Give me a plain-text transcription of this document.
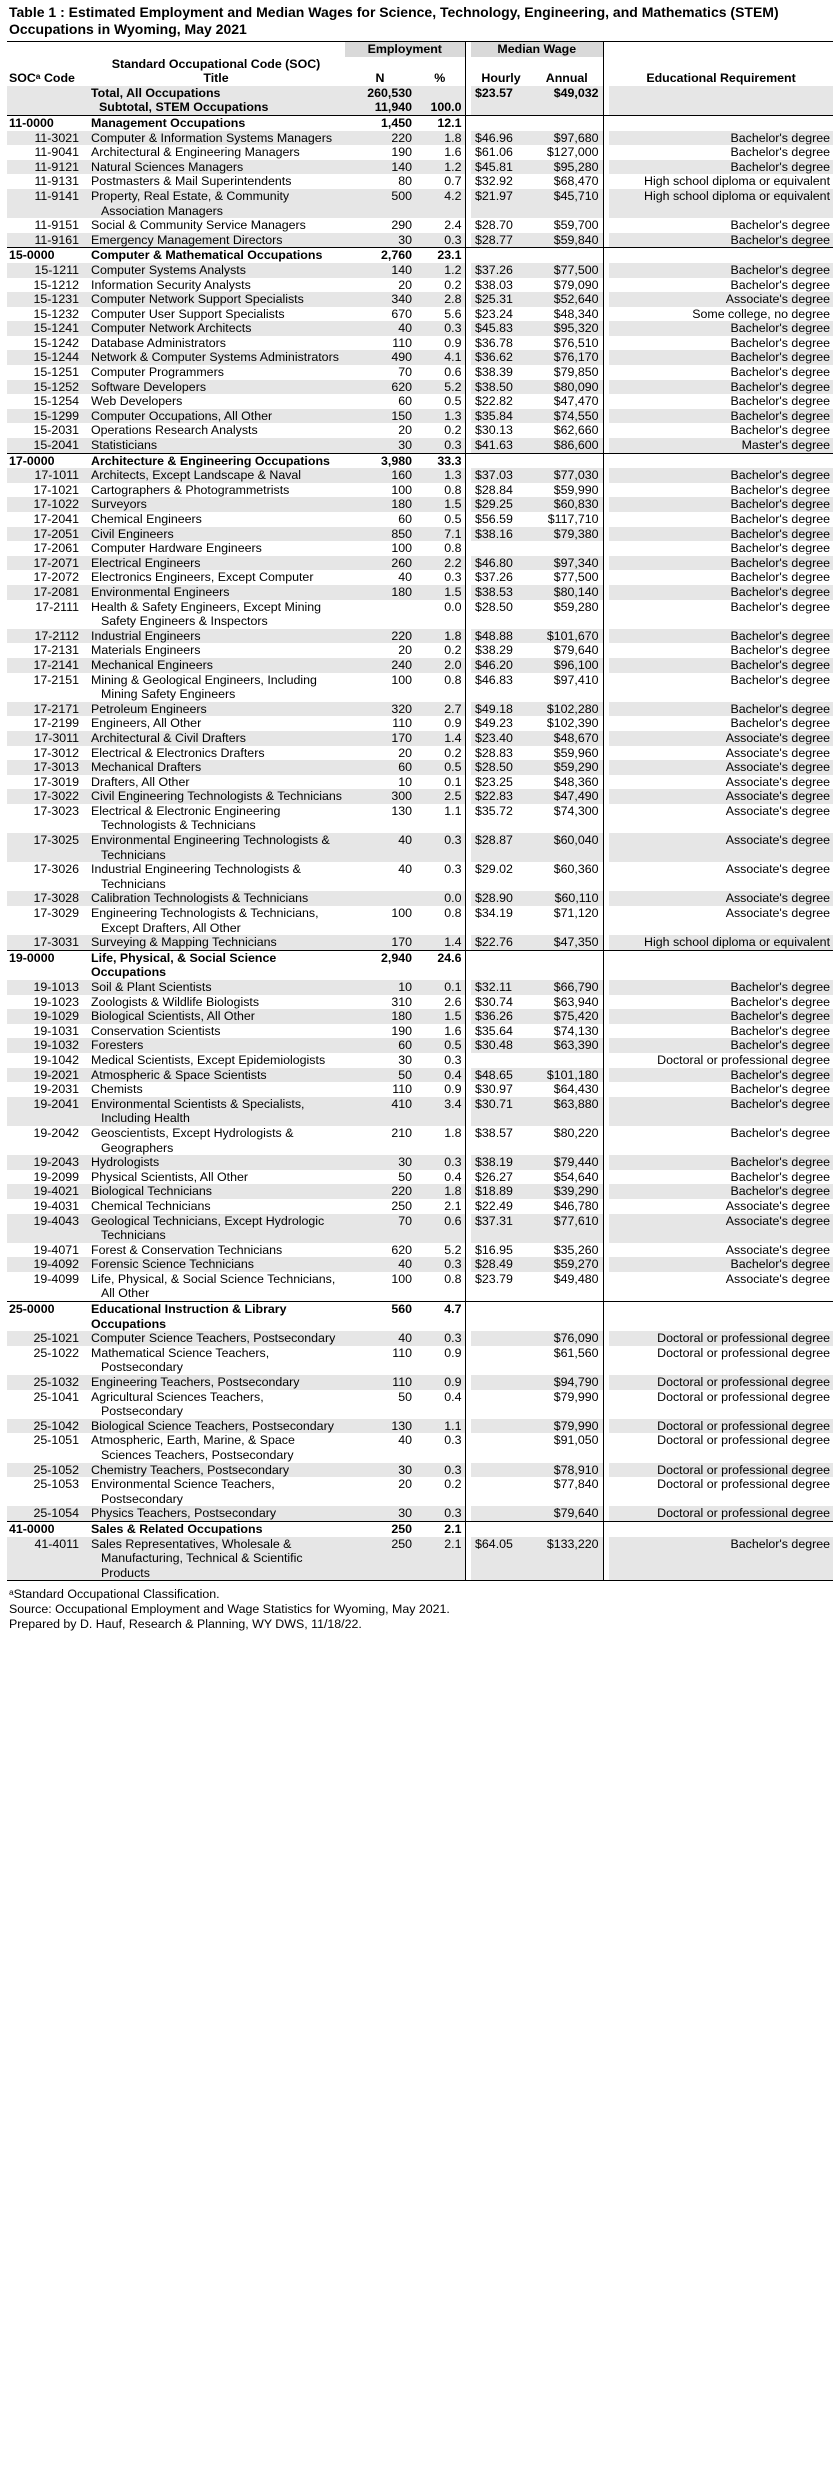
Table 1 : Estimated Employment and Median Wages for Science, Technology, Engineering, and Mathematics (STEM) Occupations in Wyoming, May 2021
		Employment			Median Wage			
SOCᵃ Code	Standard Occupational Code (SOC)
Title	N	%		Hourly	Annual		Educational Requirement
	Total, All Occupations	260,530			$23.57	$49,032		
	Subtotal, STEM Occupations	11,940	100.0					
11-0000	Management Occupations	1,450	12.1					
11-3021	Computer & Information Systems Managers	220	1.8		$46.96	$97,680		Bachelor's degree
11-9041	Architectural & Engineering Managers	190	1.6		$61.06	$127,000		Bachelor's degree
11-9121	Natural Sciences Managers	140	1.2		$45.81	$95,280		Bachelor's degree
11-9131	Postmasters & Mail Superintendents	80	0.7		$32.92	$68,470		High school diploma or equivalent
11-9141	Property, Real Estate, & Community Association Managers	500	4.2		$21.97	$45,710		High school diploma or equivalent
11-9151	Social & Community Service Managers	290	2.4		$28.70	$59,700		Bachelor's degree
11-9161	Emergency Management Directors	30	0.3		$28.77	$59,840		Bachelor's degree
15-0000	Computer & Mathematical Occupations	2,760	23.1					
15-1211	Computer Systems Analysts	140	1.2		$37.26	$77,500		Bachelor's degree
15-1212	Information Security Analysts	20	0.2		$38.03	$79,090		Bachelor's degree
15-1231	Computer Network Support Specialists	340	2.8		$25.31	$52,640		Associate's degree
15-1232	Computer User Support Specialists	670	5.6		$23.24	$48,340		Some college, no degree
15-1241	Computer Network Architects	40	0.3		$45.83	$95,320		Bachelor's degree
15-1242	Database Administrators	110	0.9		$36.78	$76,510		Bachelor's degree
15-1244	Network & Computer Systems Administrators	490	4.1		$36.62	$76,170		Bachelor's degree
15-1251	Computer Programmers	70	0.6		$38.39	$79,850		Bachelor's degree
15-1252	Software Developers	620	5.2		$38.50	$80,090		Bachelor's degree
15-1254	Web Developers	60	0.5		$22.82	$47,470		Bachelor's degree
15-1299	Computer Occupations, All Other	150	1.3		$35.84	$74,550		Bachelor's degree
15-2031	Operations Research Analysts	20	0.2		$30.13	$62,660		Bachelor's degree
15-2041	Statisticians	30	0.3		$41.63	$86,600		Master's degree
17-0000	Architecture & Engineering Occupations	3,980	33.3					
17-1011	Architects, Except Landscape & Naval	160	1.3		$37.03	$77,030		Bachelor's degree
17-1021	Cartographers & Photogrammetrists	100	0.8		$28.84	$59,990		Bachelor's degree
17-1022	Surveyors	180	1.5		$29.25	$60,830		Bachelor's degree
17-2041	Chemical Engineers	60	0.5		$56.59	$117,710		Bachelor's degree
17-2051	Civil Engineers	850	7.1		$38.16	$79,380		Bachelor's degree
17-2061	Computer Hardware Engineers	100	0.8					Bachelor's degree
17-2071	Electrical Engineers	260	2.2		$46.80	$97,340		Bachelor's degree
17-2072	Electronics Engineers, Except Computer	40	0.3		$37.26	$77,500		Bachelor's degree
17-2081	Environmental Engineers	180	1.5		$38.53	$80,140		Bachelor's degree
17-2111	Health & Safety Engineers, Except Mining Safety Engineers & Inspectors		0.0		$28.50	$59,280		Bachelor's degree
17-2112	Industrial Engineers	220	1.8		$48.88	$101,670		Bachelor's degree
17-2131	Materials Engineers	20	0.2		$38.29	$79,640		Bachelor's degree
17-2141	Mechanical Engineers	240	2.0		$46.20	$96,100		Bachelor's degree
17-2151	Mining & Geological Engineers, Including Mining Safety Engineers	100	0.8		$46.83	$97,410		Bachelor's degree
17-2171	Petroleum Engineers	320	2.7		$49.18	$102,280		Bachelor's degree
17-2199	Engineers, All Other	110	0.9		$49.23	$102,390		Bachelor's degree
17-3011	Architectural & Civil Drafters	170	1.4		$23.40	$48,670		Associate's degree
17-3012	Electrical & Electronics Drafters	20	0.2		$28.83	$59,960		Associate's degree
17-3013	Mechanical Drafters	60	0.5		$28.50	$59,290		Associate's degree
17-3019	Drafters, All Other	10	0.1		$23.25	$48,360		Associate's degree
17-3022	Civil Engineering Technologists & Technicians	300	2.5		$22.83	$47,490		Associate's degree
17-3023	Electrical & Electronic Engineering Technologists & Technicians	130	1.1		$35.72	$74,300		Associate's degree
17-3025	Environmental Engineering Technologists & Technicians	40	0.3		$28.87	$60,040		Associate's degree
17-3026	Industrial Engineering Technologists & Technicians	40	0.3		$29.02	$60,360		Associate's degree
17-3028	Calibration Technologists & Technicians		0.0		$28.90	$60,110		Associate's degree
17-3029	Engineering Technologists & Technicians, Except Drafters, All Other	100	0.8		$34.19	$71,120		Associate's degree
17-3031	Surveying & Mapping Technicians	170	1.4		$22.76	$47,350		High school diploma or equivalent
19-0000	Life, Physical, & Social Science Occupations	2,940	24.6					
19-1013	Soil & Plant Scientists	10	0.1		$32.11	$66,790		Bachelor's degree
19-1023	Zoologists & Wildlife Biologists	310	2.6		$30.74	$63,940		Bachelor's degree
19-1029	Biological Scientists, All Other	180	1.5		$36.26	$75,420		Bachelor's degree
19-1031	Conservation Scientists	190	1.6		$35.64	$74,130		Bachelor's degree
19-1032	Foresters	60	0.5		$30.48	$63,390		Bachelor's degree
19-1042	Medical Scientists, Except Epidemiologists	30	0.3					Doctoral or professional degree
19-2021	Atmospheric & Space Scientists	50	0.4		$48.65	$101,180		Bachelor's degree
19-2031	Chemists	110	0.9		$30.97	$64,430		Bachelor's degree
19-2041	Environmental Scientists & Specialists, Including Health	410	3.4		$30.71	$63,880		Bachelor's degree
19-2042	Geoscientists, Except Hydrologists & Geographers	210	1.8		$38.57	$80,220		Bachelor's degree
19-2043	Hydrologists	30	0.3		$38.19	$79,440		Bachelor's degree
19-2099	Physical Scientists, All Other	50	0.4		$26.27	$54,640		Bachelor's degree
19-4021	Biological Technicians	220	1.8		$18.89	$39,290		Bachelor's degree
19-4031	Chemical Technicians	250	2.1		$22.49	$46,780		Associate's degree
19-4043	Geological Technicians, Except Hydrologic Technicians	70	0.6		$37.31	$77,610		Associate's degree
19-4071	Forest & Conservation Technicians	620	5.2		$16.95	$35,260		Associate's degree
19-4092	Forensic Science Technicians	40	0.3		$28.49	$59,270		Bachelor's degree
19-4099	Life, Physical, & Social Science Technicians, All Other	100	0.8		$23.79	$49,480		Associate's degree
25-0000	Educational Instruction & Library Occupations	560	4.7					
25-1021	Computer Science Teachers, Postsecondary	40	0.3			$76,090		Doctoral or professional degree
25-1022	Mathematical Science Teachers, Postsecondary	110	0.9			$61,560		Doctoral or professional degree
25-1032	Engineering Teachers, Postsecondary	110	0.9			$94,790		Doctoral or professional degree
25-1041	Agricultural Sciences Teachers, Postsecondary	50	0.4			$79,990		Doctoral or professional degree
25-1042	Biological Science Teachers, Postsecondary	130	1.1			$79,990		Doctoral or professional degree
25-1051	Atmospheric, Earth, Marine, & Space Sciences Teachers, Postsecondary	40	0.3			$91,050		Doctoral or professional degree
25-1052	Chemistry Teachers, Postsecondary	30	0.3			$78,910		Doctoral or professional degree
25-1053	Environmental Science Teachers, Postsecondary	20	0.2			$77,840		Doctoral or professional degree
25-1054	Physics Teachers, Postsecondary	30	0.3			$79,640		Doctoral or professional degree
41-0000	Sales & Related Occupations	250	2.1					
41-4011	Sales Representatives, Wholesale & Manufacturing, Technical & Scientific Products	250	2.1		$64.05	$133,220		Bachelor's degree
ᵃStandard Occupational Classification.
Source: Occupational Employment and Wage Statistics for Wyoming, May 2021.
Prepared by D. Hauf, Research & Planning, WY DWS, 11/18/22.
